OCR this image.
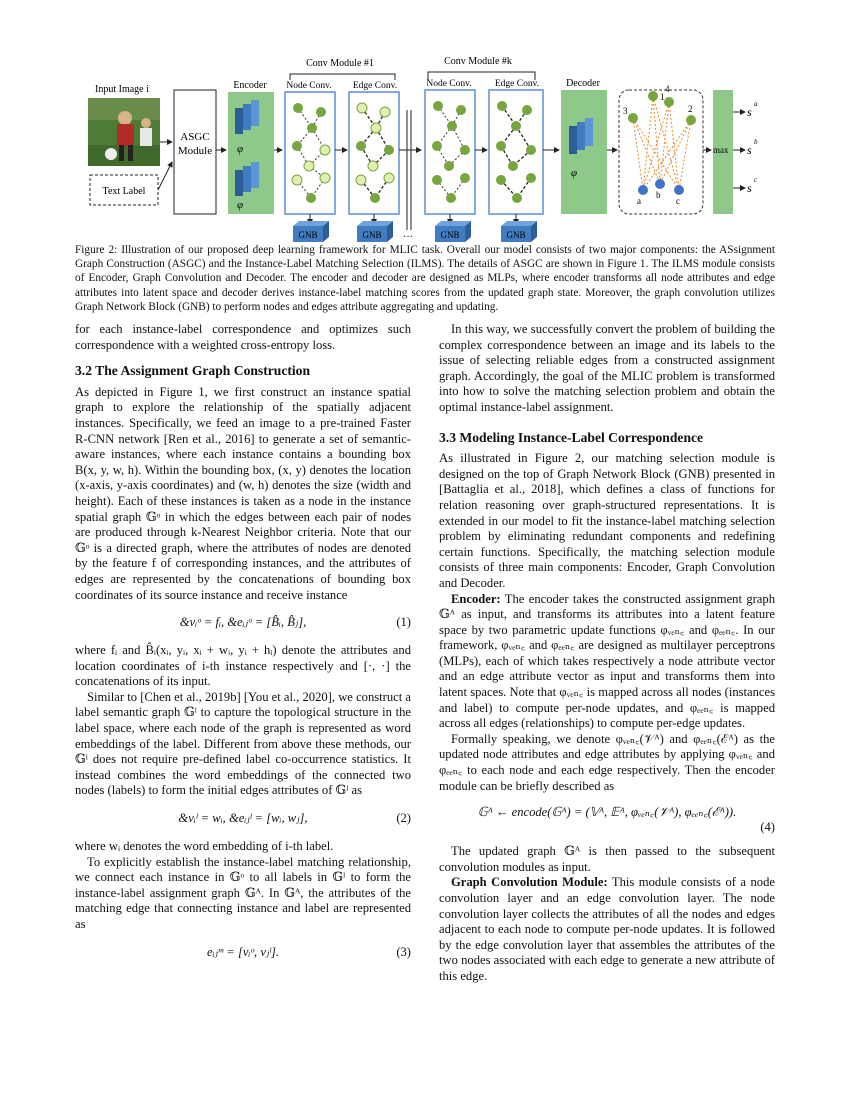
Input Image i
Text Label
ASGC
Module
Encoder
φ
φ
Conv Module #1
Node Conv. Edge Conv.
GNB	GNB ···
Conv Module #k
Node Conv. Edge Conv.
GNB	GNB
Decoder
φ
3
1
4
2
a
b
c
max
s
a
s
b
s
c
Figure 2: Illustration of our proposed deep learning framework for MLIC task. Overall our model consists of two major components: the ASsignment Graph Construction (ASGC) and the Instance-Label Matching Selection (ILMS). The details of ASGC are shown in Figure 1. The ILMS module consists of Encoder, Graph Convolution and Decoder. The encoder and decoder are designed as MLPs, where encoder transforms all node attributes and edge attributes into latent space and decoder derives instance-label matching scores from the updated graph state. Moreover, the graph convolution utilizes Graph Network Block (GNB) to perform nodes and edges attribute aggregating and updating.

for each instance-label correspondence and optimizes such correspondence with a weighted cross-entropy loss.

3.2 The Assignment Graph Construction

As depicted in Figure 1, we first construct an instance spatial graph to explore the relationship of the spatially adjacent instances. Specifically, we feed an image to a pre-trained Faster R-CNN network [Ren et al., 2016] to generate a set of semantic-aware instances, where each instance contains a bounding box B(x, y, w, h). Within the bounding box, (x, y) denotes the location (x-axis, y-axis coordinates) and (w, h) denotes the size (width and height). Each of these instances is taken as a node in the instance spatial graph 𝔾ᵒ in which the edges between each pair of nodes are produced through k-Nearest Neighbor criteria. Note that our 𝔾ᵒ is a directed graph, where the attributes of nodes are denoted by the feature f of corresponding instances, and the attributes of edges are represented by the concatenations of bounding box coordinates of its source instance and receive instance

&vᵢᵒ = fᵢ, &eᵢⱼᵒ = [B̂ᵢ, B̂ⱼ],	(1)

where fᵢ and B̂ᵢ(xᵢ, yᵢ, xᵢ + wᵢ, yᵢ + hᵢ) denote the attributes and location coordinates of i-th instance respectively and [·, ·] the concatenations of its input.

Similar to [Chen et al., 2019b] [You et al., 2020], we construct a label semantic graph 𝔾ˡ to capture the topological structure in the label space, where each node of the graph is represented as word embeddings of the label. Different from above these methods, our 𝔾ˡ does not require pre-defined label co-occurrence statistics. It instead combines the word embeddings of the connected two nodes (labels) to form the initial edges attributes of 𝔾ˡ as

&vᵢˡ = wᵢ, &eᵢⱼˡ = [wᵢ, wⱼ],	(2)

where wᵢ denotes the word embedding of i-th label.

To explicitly establish the instance-label matching relationship, we connect each instance in 𝔾ᵒ to all labels in 𝔾ˡ to form the instance-label assignment graph 𝔾ᴬ. In 𝔾ᴬ, the attributes of the matching edge that connecting instance and label are represented as

eᵢⱼᵐ = [vᵢᵒ, vⱼˡ].	(3)

In this way, we successfully convert the problem of building the complex correspondence between an image and its labels to the issue of selecting reliable edges from a constructed assignment graph. Accordingly, the goal of the MLIC problem is transformed into how to solve the matching selection problem and obtain the optimal instance-label assignment.

3.3 Modeling Instance-Label Correspondence

As illustrated in Figure 2, our matching selection module is designed on the top of Graph Network Block (GNB) presented in [Battaglia et al., 2018], which defines a class of functions for relation reasoning over graph-structured representations. It is extended in our model to fit the instance-label matching selection problem by eliminating redundant components and redefining certain functions. Specifically, the matching selection module consists of three main components: Encoder, Graph Convolution and Decoder.

Encoder: The encoder takes the constructed assignment graph 𝔾ᴬ as input, and transforms its attributes into a latent feature space by two parametric update functions φᵥₑₙ꜀ and φₑₑₙ꜀. In our framework, φᵥₑₙ꜀ and φₑₑₙ꜀ are designed as multilayer perceptrons (MLPs), each of which takes respectively a node attribute vector and an edge attribute vector as input and transforms them into latent spaces. Note that φᵥₑₙ꜀ is mapped across all nodes (instances and label) to compute per-node updates, and φₑₑₙ꜀ is mapped across all edges (relationships) to compute per-edge updates.

Formally speaking, we denote φᵥₑₙ꜀(𝒱ᴬ) and φₑₑₙ꜀(ℰᴬ) as the updated node attributes and edge attributes by applying φᵥₑₙ꜀ and φₑₑₙ꜀ to each node and each edge respectively. Then the encoder module can be briefly described as

𝔾ᴬ ← encode(𝔾ᴬ) = (𝕍ᴬ, 𝔼ᴬ, φᵥₑₙ꜀(𝒱ᴬ), φₑₑₙ꜀(ℰᴬ)).
(4)

The updated graph 𝔾ᴬ is then passed to the subsequent convolution modules as input.

Graph Convolution Module: This module consists of a node convolution layer and an edge convolution layer. The node convolution layer collects the attributes of all the nodes and edges adjacent to each node to compute per-node updates. It is followed by the edge convolution layer that assembles the attributes of the two nodes associated with each edge to generate a new attribute of this edge.
